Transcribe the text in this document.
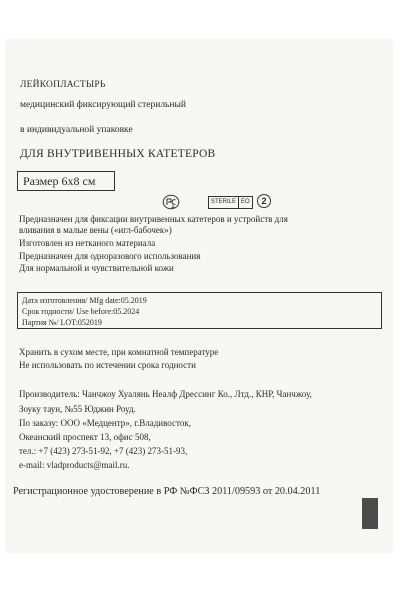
ЛЕЙКОПЛАСТЫРЬ
медицинский фиксирующий стерильный
в индивидуальной упаковке
ДЛЯ ВНУТРИВЕННЫХ КАТЕТЕРОВ
Размер 6х8 см
STERILE EO	2
Предназначен для фиксации внутривенных катетеров и устройств для
вливания в малые вены («игл-бабочек»)
Изготовлен из нетканого материала
Предназначен для одноразового использования
Для нормальной и чувствительной кожи
Дата изготовления/ Mfg date:05.2019
Срок годности/ Use before:05.2024
Партия №/ LOT:052019
Хранить в сухом месте, при комнатной температуре
Не использовать по истечении срока годности
Производитель: Чанчжоу Хуалянь Неалф Дрессинг Ко., Лтд., КНР, Чанчжоу,
Зоуку таун, №55 Юджин Роуд.
По заказу: ООО «Медцентр», г.Владивосток,
Океанский проспект 13, офис 508,
тел.: +7 (423) 273-51-92, +7 (423) 273-51-93,
e-mail: vladproducts@mail.ru.
Регистрационное удостоверение в РФ №ФСЗ 2011/09593 от 20.04.2011
